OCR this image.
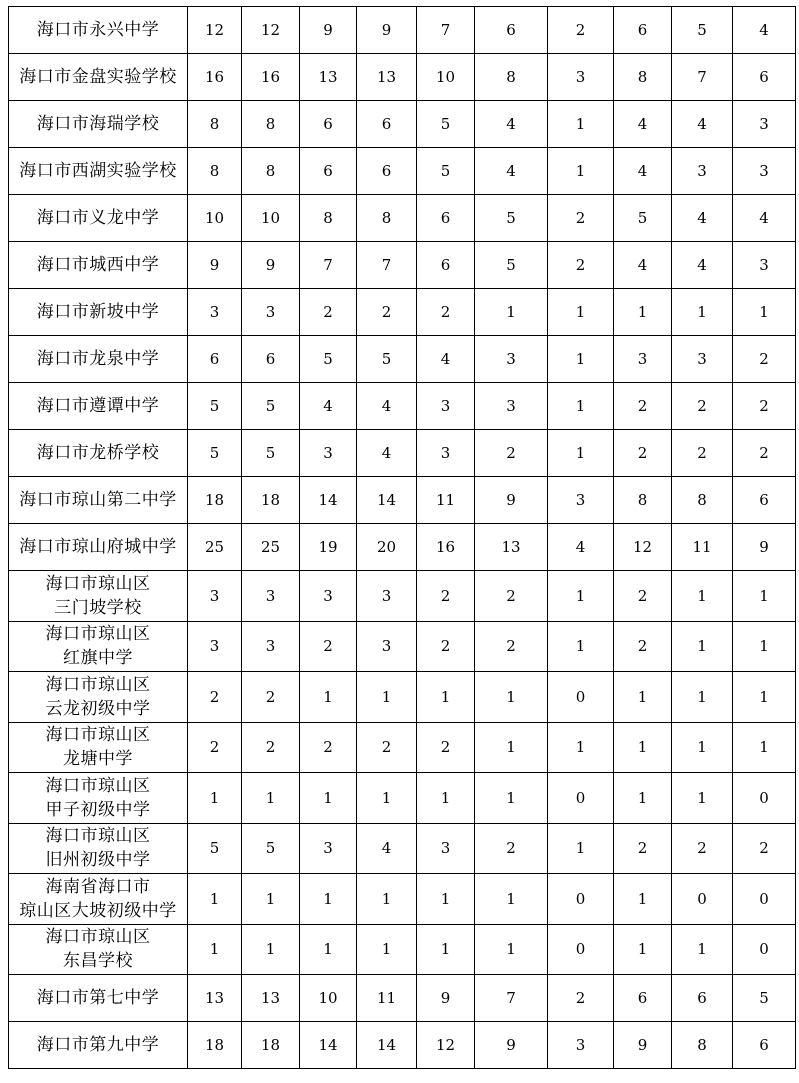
海口市永兴中学	12	12	9	9	7	6	2	6	5	4

海口市金盘实验学校	16	16	13	13	10	8	3	8	7	6

海口市海瑞学校	8	8	6	6	5	4	1	4	4	3

海口市西湖实验学校	8	8	6	6	5	4	1	4	3	3

海口市义龙中学	10	10	8	8	6	5	2	5	4	4

海口市城西中学	9	9	7	7	6	5	2	4	4	3

海口市新坡中学	3	3	2	2	2	1	1	1	1	1

海口市龙泉中学	6	6	5	5	4	3	1	3	3	2

海口市遵谭中学	5	5	4	4	3	3	1	2	2	2

海口市龙桥学校	5	5	3	4	3	2	1	2	2	2

海口市琼山第二中学	18	18	14	14	11	9	3	8	8	6

海口市琼山府城中学	25	25	19	20	16	13	4	12	11	9

海口市琼山区
三门坡学校	3	3	3	3	2	2	1	2	1	1

海口市琼山区
红旗中学	3	3	2	3	2	2	1	2	1	1

海口市琼山区
云龙初级中学	2	2	1	1	1	1	0	1	1	1

海口市琼山区
龙塘中学	2	2	2	2	2	1	1	1	1	1

海口市琼山区
甲子初级中学	1	1	1	1	1	1	0	1	1	0

海口市琼山区
旧州初级中学	5	5	3	4	3	2	1	2	2	2

海南省海口市
琼山区大坡初级中学	1	1	1	1	1	1	0	1	0	0

海口市琼山区
东昌学校	1	1	1	1	1	1	0	1	1	0

海口市第七中学	13	13	10	11	9	7	2	6	6	5

海口市第九中学	18	18	14	14	12	9	3	9	8	6
